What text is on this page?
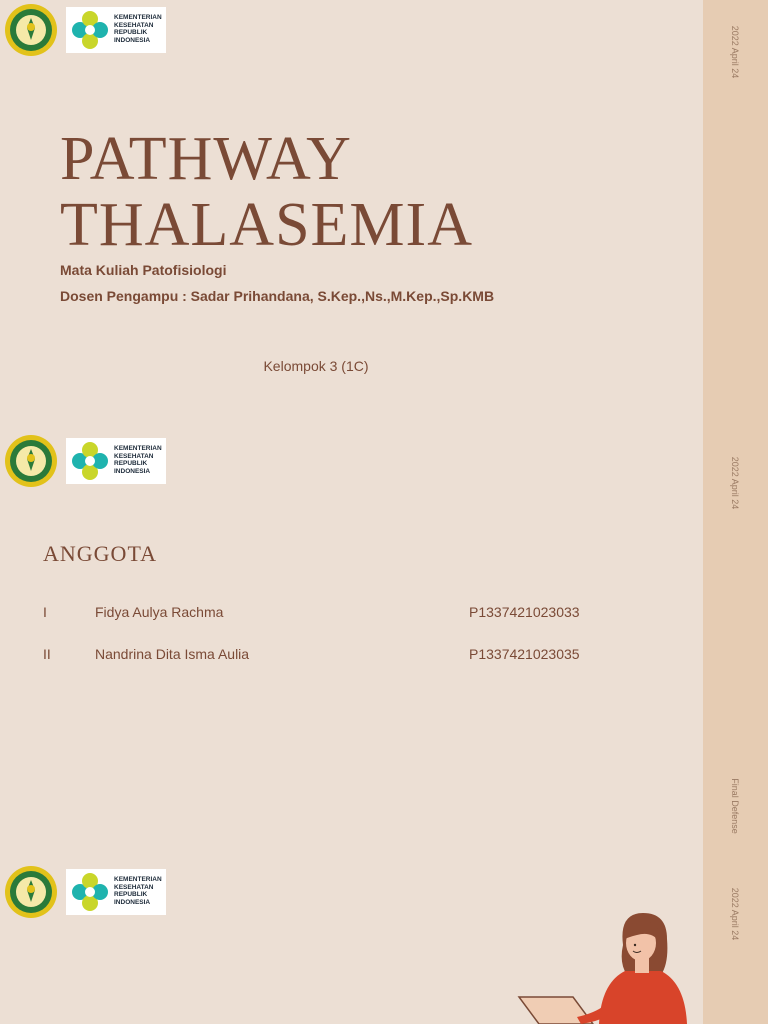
2022 April 24
2022 April 24
Final Defense
2022 April 24
KEMENTERIAN
KESEHATAN
REPUBLIK
INDONESIA
PATHWAY
THALASEMIA
Mata Kuliah Patofisiologi
Dosen Pengampu : Sadar Prihandana, S.Kep.,Ns.,M.Kep.,Sp.KMB
Kelompok 3 (1C)
KEMENTERIAN
KESEHATAN
REPUBLIK
INDONESIA
ANGGOTA
I	Fidya Aulya Rachma	P1337421023033
II	Nandrina Dita Isma Aulia	P1337421023035
KEMENTERIAN
KESEHATAN
REPUBLIK
INDONESIA
